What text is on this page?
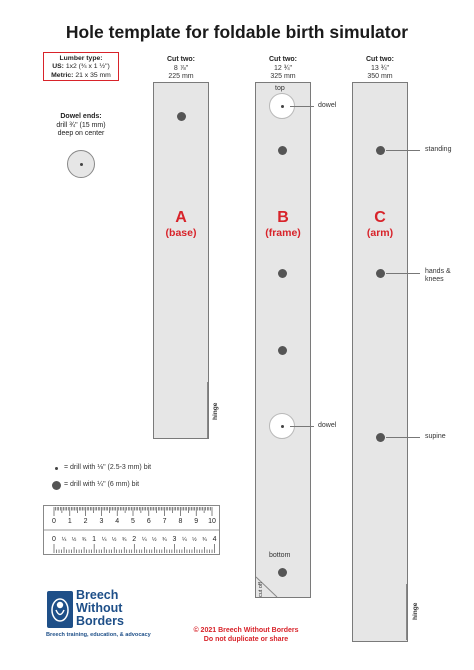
Hole template for foldable birth simulator
Lumber type:
US: 1x2 (¾ x 1 ½")
Metric: 21 x 35 mm
Dowel ends:
drill ¾" (15 mm)
deep on center
Cut two:
8 ⅞"
225 mm
Cut two:
12 ¾"
325 mm
Cut two:
13 ¾"
350 mm
A
(base)
hinge
top
dowel
B
(frame)
dowel
bottom
cut off
standing
C
(arm)
hands &
knees
supine
hinge
= drill with ⅛" (2.5-3 mm) bit
= drill with ¼" (6 mm) bit
0 1 2 3 4 5 6 7 8 9 10
0 ¼ ½ ¾ 1 ¼ ½ ¾ 2 ¼ ½ ¾ 3 ¼ ½ ¾ 4
Breech
Without
Borders
Breech training, education, & advocacy
© 2021 Breech Without Borders
Do not duplicate or share
